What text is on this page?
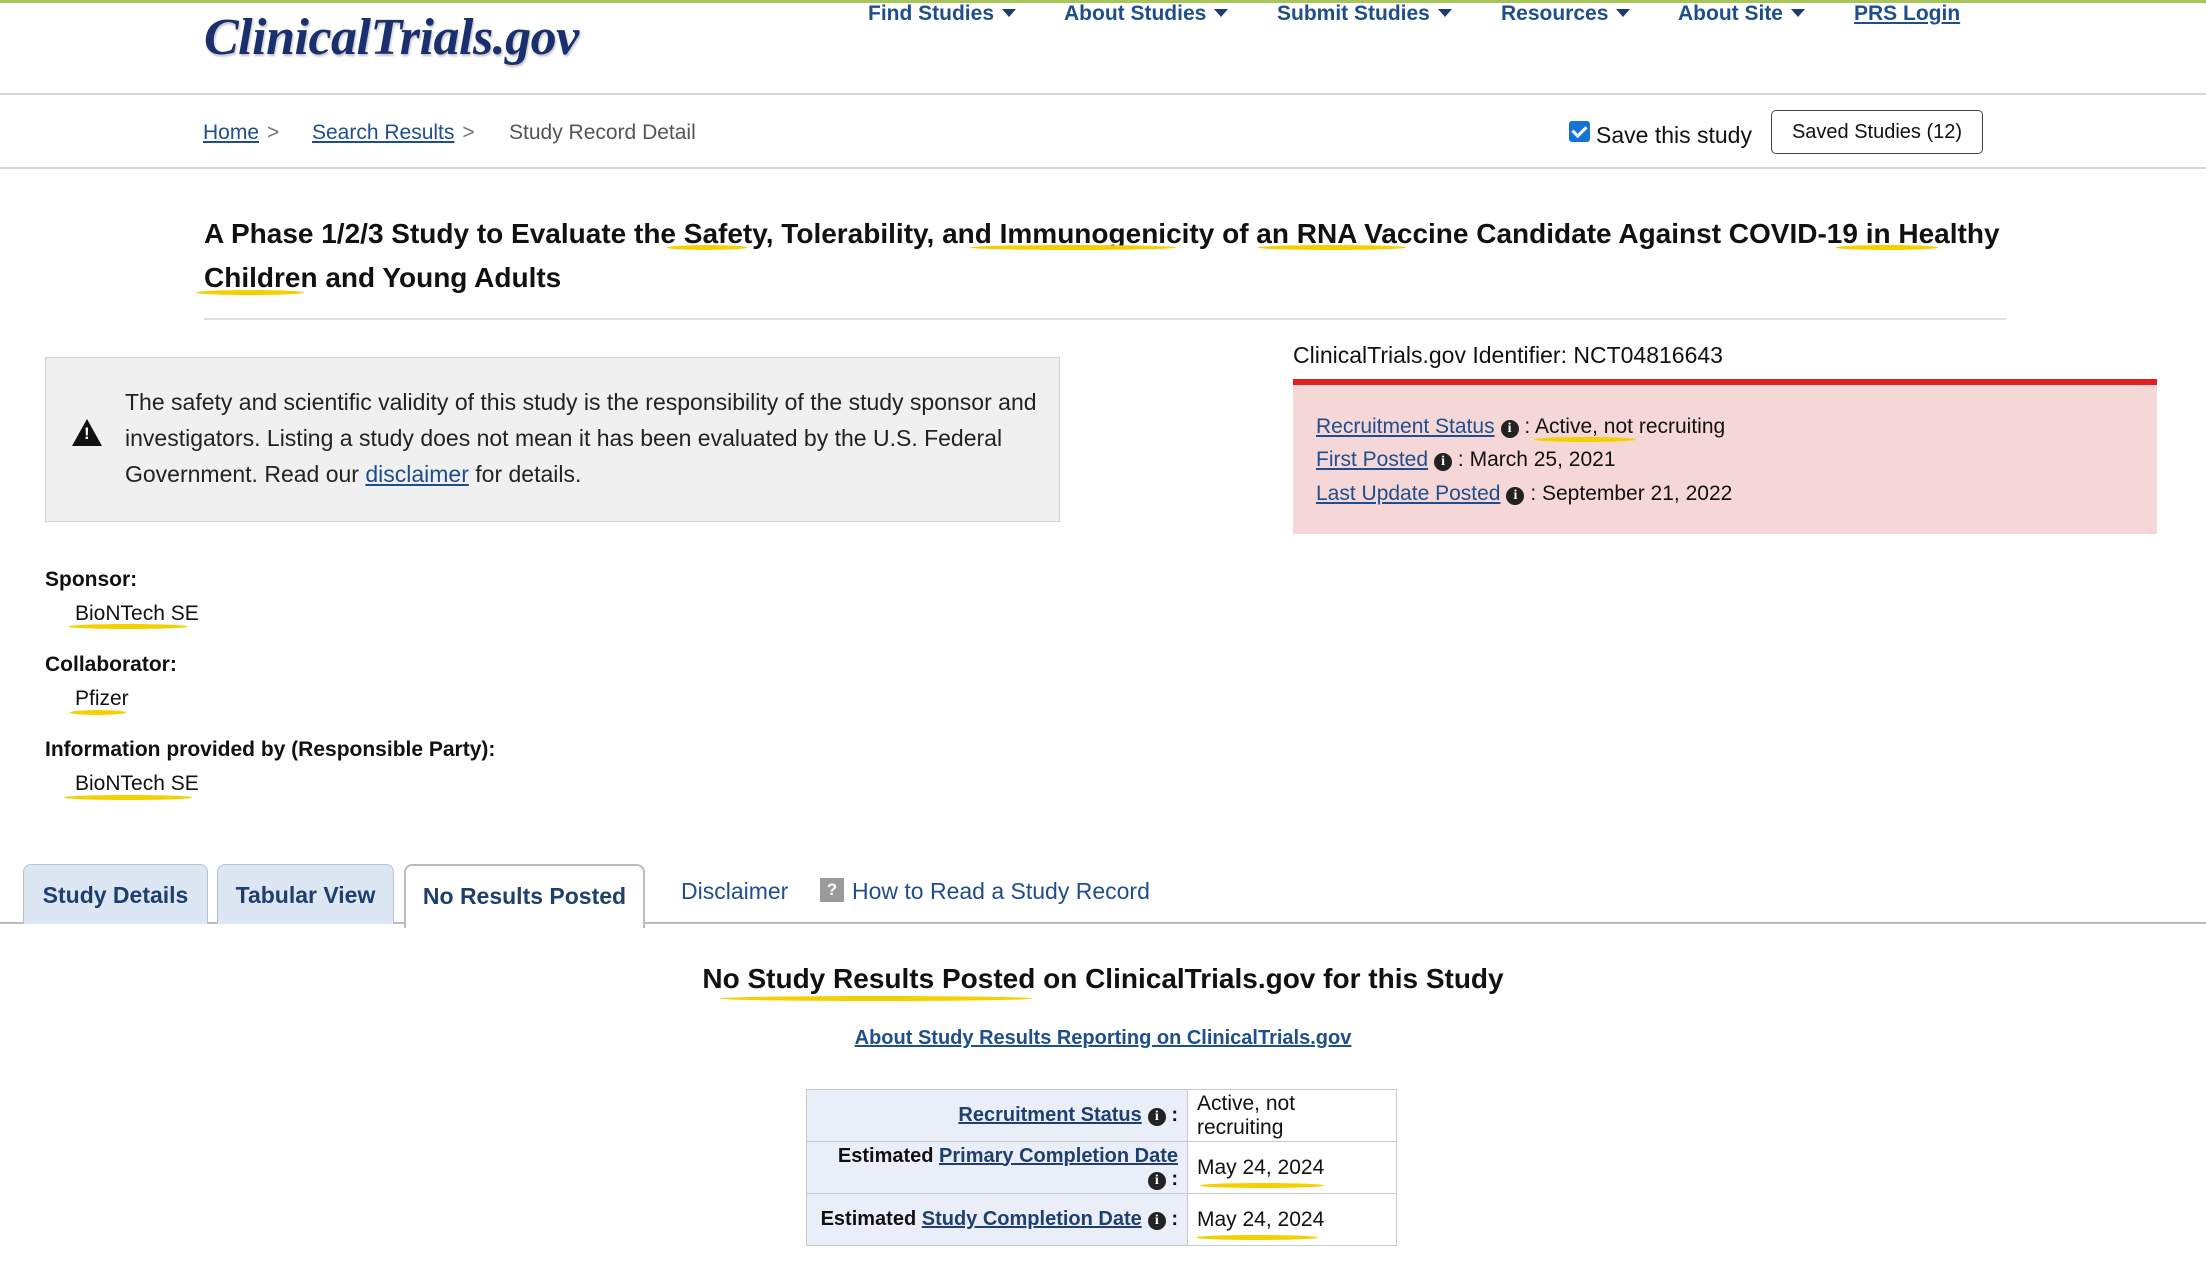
ClinicalTrials.gov	Find Studies	About Studies	Submit Studies	Resources	About Site	PRS Login
Home > Search Results > Study Record Detail	Save this study	Saved Studies (12)
A Phase 1/2/3 Study to Evaluate the Safety, Tolerability, and Immunogenicity of an RNA Vaccine Candidate Against COVID-19 in Healthy
Children and Young Adults
!
The safety and scientific validity of this study is the responsibility of the study sponsor and investigators. Listing a study does not mean it has been evaluated by the U.S. Federal Government. Read our disclaimer for details.
ClinicalTrials.gov Identifier: NCT04816643
Recruitment Status i : Active, not recruiting
First Posted i : March 25, 2021
Last Update Posted i : September 21, 2022
Sponsor:
BioNTech SE
Collaborator:
Pfizer
Information provided by (Responsible Party):
BioNTech SE
Study Details	Tabular View	No Results Posted	Disclaimer	? How to Read a Study Record
No Study Results Posted on ClinicalTrials.gov for this Study
About Study Results Reporting on ClinicalTrials.gov
Recruitment Status i :	Active, not recruiting
Estimated Primary Completion Datei :	May 24, 2024
Estimated Study Completion Date i :	May 24, 2024
